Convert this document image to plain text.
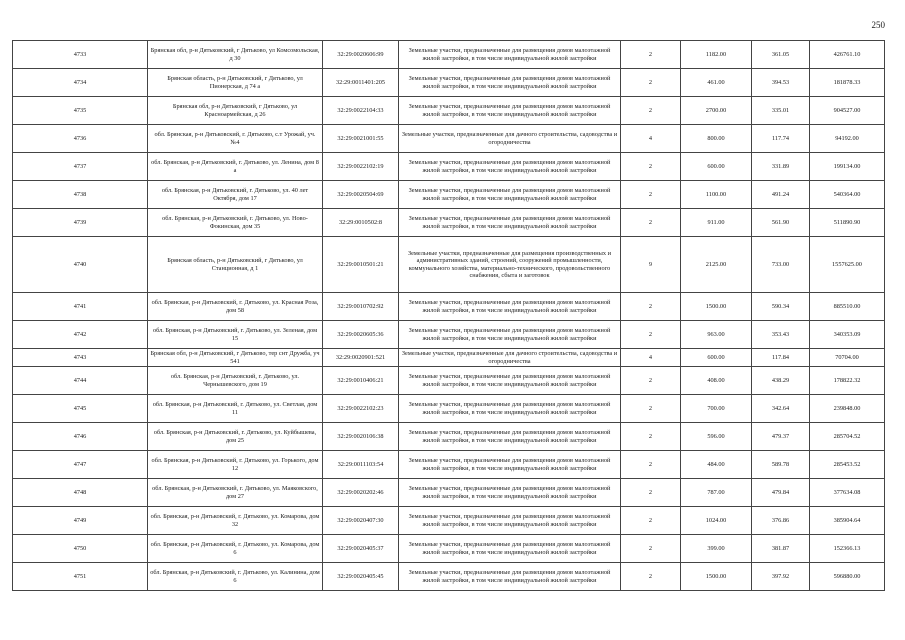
250
4733	Брянская обл, р-н Дятьковский, г Дятьково, ул Комсомольская, д 30	32:29:0020606:99	Земельные участки, предназначенные для размещения домов малоэтажной жилой застройки, в том числе индивидуальной жилой застройки	2	1182.00	361.05	426761.10
4734	Брянская область, р-н Дятьковский, г Дятьково, ул Пионерская, д 74 а	32:29:0011401:205	Земельные участки, предназначенные для размещения домов малоэтажной жилой застройки, в том числе индивидуальной жилой застройки	2	461.00	394.53	181878.33
4735	Брянская обл, р-н Дятьковский, г Дятьково, ул Красноармейская, д 26	32:29:0022104:33	Земельные участки, предназначенные для размещения домов малоэтажной жилой застройки, в том числе индивидуальной жилой застройки	2	2700.00	335.01	904527.00
4736	обл. Брянская, р-н Дятьковский, г. Дятьково, с.т Урожай, уч.№4	32:29:0021001:55	Земельные участки, предназначенные для дачного строительства, садоводства и огородничества	4	800.00	117.74	94192.00
4737	обл. Брянская, р-н Дятьковский, г. Дятьково, ул. Ленина, дом 8 а	32:29:0022102:19	Земельные участки, предназначенные для размещения домов малоэтажной жилой застройки, в том числе индивидуальной жилой застройки	2	600.00	331.89	199134.00
4738	обл. Брянская, р-н Дятьковский, г. Дятьково, ул. 40 лет Октября, дом 17	32:29:0020504:69	Земельные участки, предназначенные для размещения домов малоэтажной жилой застройки, в том числе индивидуальной жилой застройки	2	1100.00	491.24	540364.00
4739	обл. Брянская, р-н Дятьковский, г. Дятьково, ул. Ново-Фокинская, дом 35	32:29:0010502:8	Земельные участки, предназначенные для размещения домов малоэтажной жилой застройки, в том числе индивидуальной жилой застройки	2	911.00	561.90	511890.90
4740	Брянская область, р-н Дятьковский, г Дятьково, ул Станционная, д 1	32:29:0010501:21	Земельные участки, предназначенные для размещения производственных и административных зданий, строений, сооружений промышленности, коммунального хозяйства, материально-технического, продовольственного снабжения, сбыта и заготовок	9	2125.00	733.00	1557625.00
4741	обл. Брянская, р-н Дятьковский, г. Дятьково, ул. Красная Роза, дом 58	32:29:0010702:92	Земельные участки, предназначенные для размещения домов малоэтажной жилой застройки, в том числе индивидуальной жилой застройки	2	1500.00	590.34	885510.00
4742	обл. Брянская, р-н Дятьковский, г. Дятьково, ул. Зеленая, дом 15	32:29:0020605:36	Земельные участки, предназначенные для размещения домов малоэтажной жилой застройки, в том числе индивидуальной жилой застройки	2	963.00	353.43	340353.09
4743	Брянская обл, р-н Дятьковский, г Дятьково, тер снт Дружба, уч 541	32:29:0020901:521	Земельные участки, предназначенные для дачного строительства, садоводства и огородничества	4	600.00	117.84	70704.00
4744	обл. Брянская, р-н Дятьковский, г. Дятьково, ул. Чернышевского, дом 19	32:29:0010406:21	Земельные участки, предназначенные для размещения домов малоэтажной жилой застройки, в том числе индивидуальной жилой застройки	2	408.00	438.29	178822.32
4745	обл. Брянская, р-н Дятьковский, г. Дятьково, ул. Светлая, дом 11	32:29:0022102:23	Земельные участки, предназначенные для размещения домов малоэтажной жилой застройки, в том числе индивидуальной жилой застройки	2	700.00	342.64	239848.00
4746	обл. Брянская, р-н Дятьковский, г. Дятьково, ул. Куйбышева, дом 25	32:29:0020106:38	Земельные участки, предназначенные для размещения домов малоэтажной жилой застройки, в том числе индивидуальной жилой застройки	2	596.00	479.37	285704.52
4747	обл. Брянская, р-н Дятьковский, г. Дятьково, ул. Горького, дом 12	32:29:0011103:54	Земельные участки, предназначенные для размещения домов малоэтажной жилой застройки, в том числе индивидуальной жилой застройки	2	484.00	589.78	285453.52
4748	обл. Брянская, р-н Дятьковский, г. Дятьково, ул. Маяковского, дом 27	32:29:0020202:46	Земельные участки, предназначенные для размещения домов малоэтажной жилой застройки, в том числе индивидуальной жилой застройки	2	787.00	479.84	377634.08
4749	обл. Брянская, р-н Дятьковский, г. Дятьково, ул. Комарова, дом 32	32:29:0020407:30	Земельные участки, предназначенные для размещения домов малоэтажной жилой застройки, в том числе индивидуальной жилой застройки	2	1024.00	376.86	385904.64
4750	обл. Брянская, р-н Дятьковский, г. Дятьково, ул. Комарова, дом 6	32:29:0020405:37	Земельные участки, предназначенные для размещения домов малоэтажной жилой застройки, в том числе индивидуальной жилой застройки	2	399.00	381.87	152366.13
4751	обл. Брянская, р-н Дятьковский, г. Дятьково, ул. Калинина, дом 6	32:29:0020405:45	Земельные участки, предназначенные для размещения домов малоэтажной жилой застройки, в том числе индивидуальной жилой застройки	2	1500.00	397.92	596880.00
